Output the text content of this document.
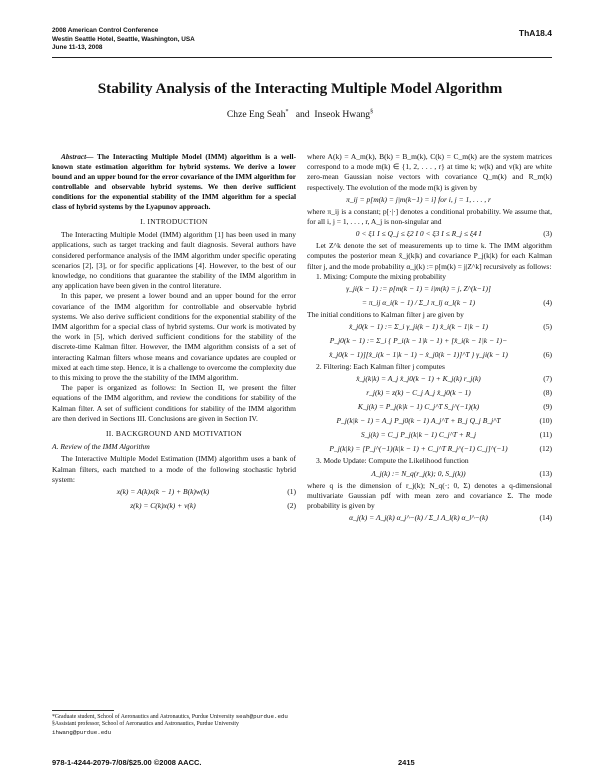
2008 American Control Conference
Westin Seattle Hotel, Seattle, Washington, USA
June 11-13, 2008
ThA18.4
Stability Analysis of the Interacting Multiple Model Algorithm
Chze Eng Seah* and Inseok Hwang§

Abstract— The Interacting Multiple Model (IMM) algorithm is a well-known state estimation algorithm for hybrid systems. We derive a lower bound and an upper bound for the error covariance of the IMM algorithm for controllable and observable hybrid systems. We then derive sufficient conditions for the exponential stability of the IMM algorithm for a special class of hybrid systems by the Lyapunov approach.

I. INTRODUCTION

The Interacting Multiple Model (IMM) algorithm [1] has been used in many applications, such as target tracking and fault diagnosis. Several authors have considered performance analysis of the IMM algorithm under specific operating scenarios [2], [3], or for specific applications [4]. However, to the best of our knowledge, no conditions that guarantee the stability of the IMM algorithm in any application have been given in the control literature.

In this paper, we present a lower bound and an upper bound for the error covariance of the IMM algorithm for controllable and observable hybrid systems. We also derive sufficient conditions for the exponential stability of the IMM algorithm for a special class of hybrid systems. Our work is motivated by the work in [5], which derived sufficient conditions for the stability of the discrete-time Kalman filter. However, the IMM algorithm consists of a set of interacting Kalman filters whose means and covariance updates are coupled or mixed at each time step. Hence, it is a challenge to overcome the complexity due to this mixing to prove the the stability of the IMM algorithm.

The paper is organized as follows: In Section II, we present the filter equations of the IMM algorithm, and review the conditions for stability of the Kalman filter. A set of sufficient conditions for stability of the IMM algorithm are then derived in Sections III. Conclusions are given in Section IV.

II. BACKGROUND AND MOTIVATION
A. Review of the IMM Algorithm

The Interactive Multiple Model Estimation (IMM) algorithm uses a bank of Kalman filters, each matched to a mode of the following stochastic hybrid system:

x(k) = A(k)x(k − 1) + B(k)w(k)	(1)
z(k) = C(k)x(k) + v(k)	(2)
*Graduate student, School of Aeronautics and Astronautics, Purdue University seah@purdue.edu
§Assistant professor, School of Aeronautics and Astronautics, Purdue University ihwang@purdue.edu

where A(k) = A_m(k), B(k) = B_m(k), C(k) = C_m(k) are the system matrices correspond to a mode m(k) ∈ {1, 2, . . . , r} at time k; w(k) and v(k) are white zero-mean Gaussian noise vectors with covariance Q_m(k) and R_m(k) respectively. The evolution of the mode m(k) is given by

π_ij = p[m(k) = j|m(k−1) = i] for i, j = 1, . . . , r

where π_ij is a constant; p[·|·] denotes a conditional probability. We assume that, for all i, j = 1, . . . , r, A_j is non-singular and

0 < ξ1 I ≤ Q_j ≤ ξ2 I 0 < ξ3 I ≤ R_j ≤ ξ4 I	(3)

Let Z^k denote the set of measurements up to time k. The IMM algorithm computes the posterior mean x̂_j(k|k) and covariance P_j(k|k) for each Kalman filter j, and the mode probability α_j(k) := p[m(k) = j|Z^k] recursively as follows:

1. Mixing: Compute the mixing probability

γ_ji(k − 1) := p[m(k − 1) = i|m(k) = j, Z^(k−1)]
= π_ij α_i(k − 1) / Σ_l π_lj α_l(k − 1)	(4)

The initial conditions to Kalman filter j are given by

x̂_j0(k − 1) := Σ_i γ_ji(k − 1) x̂_i(k − 1|k − 1)	(5)
P_j0(k − 1) := Σ_i { P_i(k − 1|k − 1) + [x̂_i(k − 1|k − 1)−
x̂_j0(k − 1)][x̂_i(k − 1|k − 1) − x̂_j0(k − 1)]^T } γ_ji(k − 1)	(6)

2. Filtering: Each Kalman filter j computes

x̂_j(k|k) = A_j x̂_j0(k − 1) + K_j(k) r_j(k)	(7)
r_j(k) = z(k) − C_j A_j x̂_j0(k − 1)	(8)
K_j(k) = P_j(k|k − 1) C_j^T S_j^(−1)(k)	(9)
P_j(k|k − 1) = A_j P_j0(k − 1) A_j^T + B_j Q_j B_j^T	(10)
S_j(k) = C_j P_j(k|k − 1) C_j^T + R_j	(11)
P_j(k|k) = [P_j^(−1)(k|k − 1) + C_j^T R_j^(−1) C_j]^(−1)	(12)

3. Mode Update: Compute the Likelihood function

Λ_j(k) := N_q(r_j(k); 0, S_j(k))	(13)

where q is the dimension of r_j(k); N_q(·; 0, Σ) denotes a q-dimensional multivariate Gaussian pdf with mean zero and covariance Σ. The mode probability is given by

α_j(k) = Λ_j(k) α_j^−(k) / Σ_l Λ_l(k) α_l^−(k)	(14)
978-1-4244-2079-7/08/$25.00 ©2008 AACC.	2415
